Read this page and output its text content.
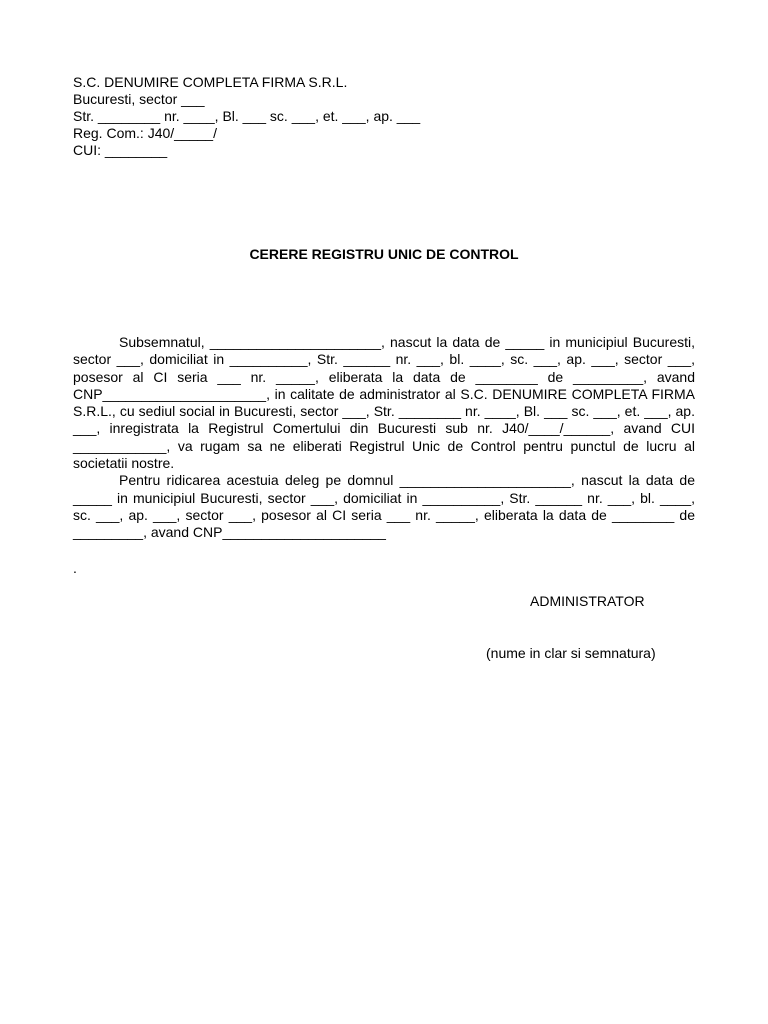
S.C. DENUMIRE COMPLETA FIRMA S.R.L.
Bucuresti, sector ___
Str. ________ nr. ____, Bl. ___ sc. ___, et. ___, ap. ___
Reg. Com.: J40/_____/
CUI: ________
CERERE REGISTRU UNIC DE CONTROL

Subsemnatul, ______________________, nascut la data de _____ in municipiul Bucuresti, sector ___, domiciliat in __________, Str. ______ nr. ___, bl. ____, sc. ___, ap. ___, sector ___, posesor al CI seria ___ nr. _____, eliberata la data de ________ de _________, avand CNP_____________________, in calitate de administrator al S.C. DENUMIRE COMPLETA FIRMA S.R.L., cu sediul social in Bucuresti, sector ___, Str. ________ nr. ____, Bl. ___ sc. ___, et. ___, ap. ___, inregistrata la Registrul Comertului din Bucuresti sub nr. J40/____/______, avand CUI ____________, va rugam sa ne eliberati Registrul Unic de Control pentru punctul de lucru al societatii nostre.

Pentru ridicarea acestuia deleg pe domnul ______________________, nascut la data de _____ in municipiul Bucuresti, sector ___, domiciliat in __________, Str. ______ nr. ___, bl. ____, sc. ___, ap. ___, sector ___, posesor al CI seria ___ nr. _____, eliberata la data de ________ de _________, avand CNP_____________________

.
ADMINISTRATOR
(nume in clar si semnatura)
